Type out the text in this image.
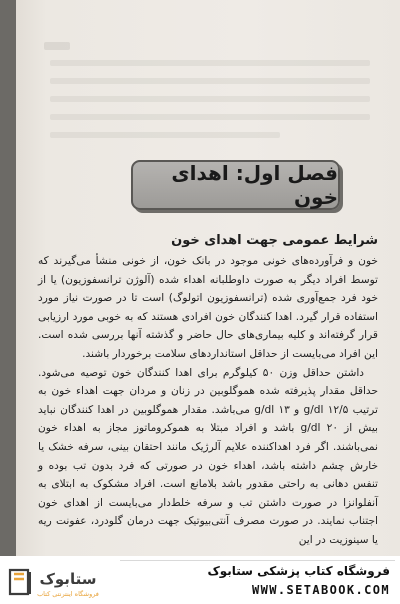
فصل اول: اهدای خون
شرایط عمومی جهت اهدای خون

خون و فرآورده‌های خونی موجود در بانک خون، از خونی منشأ می‌گیرند که توسط افراد دیگر به صورت داوطلبانه اهداء شده (آلوژن ترانسفوزیون) یا از خود فرد جمع‌آوری شده (ترانسفوزیون اتولوگ) است تا در صورت نیاز مورد استفاده قرار گیرد. اهدا کنندگان خون افرادی هستند که به خوبی مورد ارزیابی قرار گرفته‌اند و کلیه بیماری‌های حال حاضر و گذشته آنها بررسی شده است. این افراد می‌بایست از حداقل استانداردهای سلامت برخوردار باشند.

داشتن حداقل وزن ۵۰ کیلوگرم برای اهدا کنندگان خون توصیه می‌شود. حداقل مقدار پذیرفته شده هموگلوبین در زنان و مردان جهت اهداء خون به ترتیب ۱۲/۵ g/dl و ۱۳ g/dl می‌باشد. مقدار هموگلوبین در اهدا کنندگان نباید بیش از ۲۰ g/dl باشد و افراد مبتلا به هموکروماتوز مجاز به اهداء خون نمی‌باشند. اگر فرد اهداکننده علایم آلرژیک مانند احتقان بینی، سرفه خشک یا خارش چشم داشته باشد، اهداء خون در صورتی که فرد بدون تب بوده و تنفس دهانی به راحتی مقدور باشد بلامانع است. افراد مشکوک به ابتلای به آنفلوانزا در صورت داشتن تب و سرفه خلط‌دار می‌بایست از اهدای خون اجتناب نمایند. در صورت مصرف آنتی‌بیوتیک جهت درمان گلودرد، عفونت ریه یا سینوزیت در این

ستابوک
فروشگاه اینترنتی کتاب
فروشگاه کتاب پزشکی ستابوک
WWW.SETABOOK.COM
